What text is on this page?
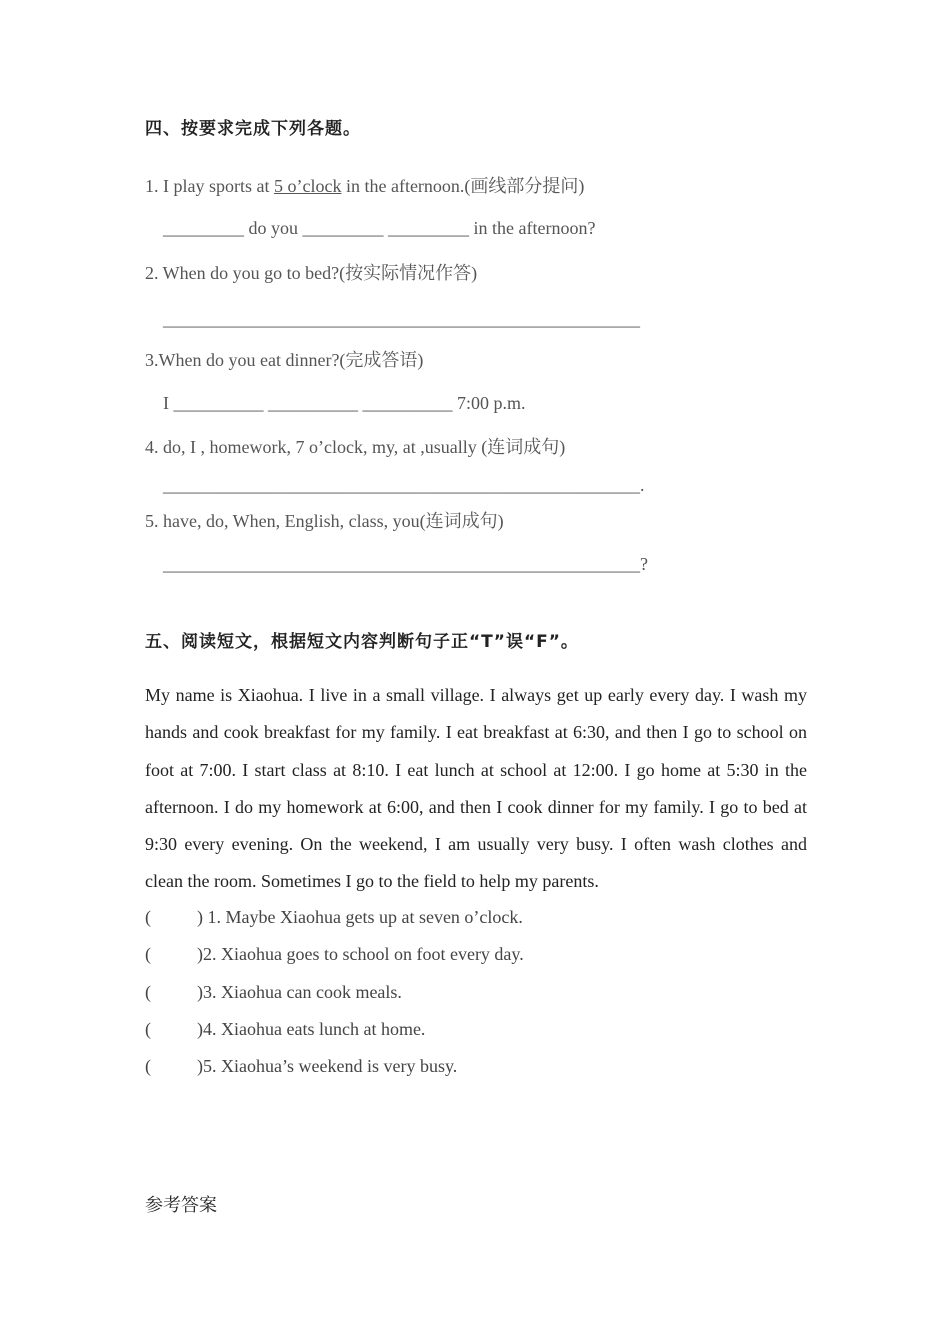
四、按要求完成下列各题。
1. I play sports at 5 o’clock in the afternoon.(画线部分提问)
_________ do you _________ _________ in the afternoon?
2. When do you go to bed?(按实际情况作答)
_____________________________________________________
3.When do you eat dinner?(完成答语)
I __________ __________ __________ 7:00 p.m.
4. do, I , homework, 7 o’clock, my, at ,usually (连词成句)
_____________________________________________________.
5. have, do, When, English, class, you(连词成句)
_____________________________________________________?
五、阅读短文，根据短文内容判断句子正“T”误“F”。
My name is Xiaohua. I live in a small village. I always get up early every day. I wash my hands and cook breakfast for my family. I eat breakfast at 6:30, and then I go to school on foot at 7:00. I start class at 8:10. I eat lunch at school at 12:00. I go home at 5:30 in the afternoon. I do my homework at 6:00, and then I cook dinner for my family. I go to bed at 9:30 every evening. On the weekend, I am usually very busy. I often wash clothes and clean the room. Sometimes I go to the field to help my parents.
(	) 1. Maybe Xiaohua gets up at seven o’clock.
(	)2. Xiaohua goes to school on foot every day.
(	)3. Xiaohua can cook meals.
(	)4. Xiaohua eats lunch at home.
(	)5. Xiaohua’s weekend is very busy.
参考答案
